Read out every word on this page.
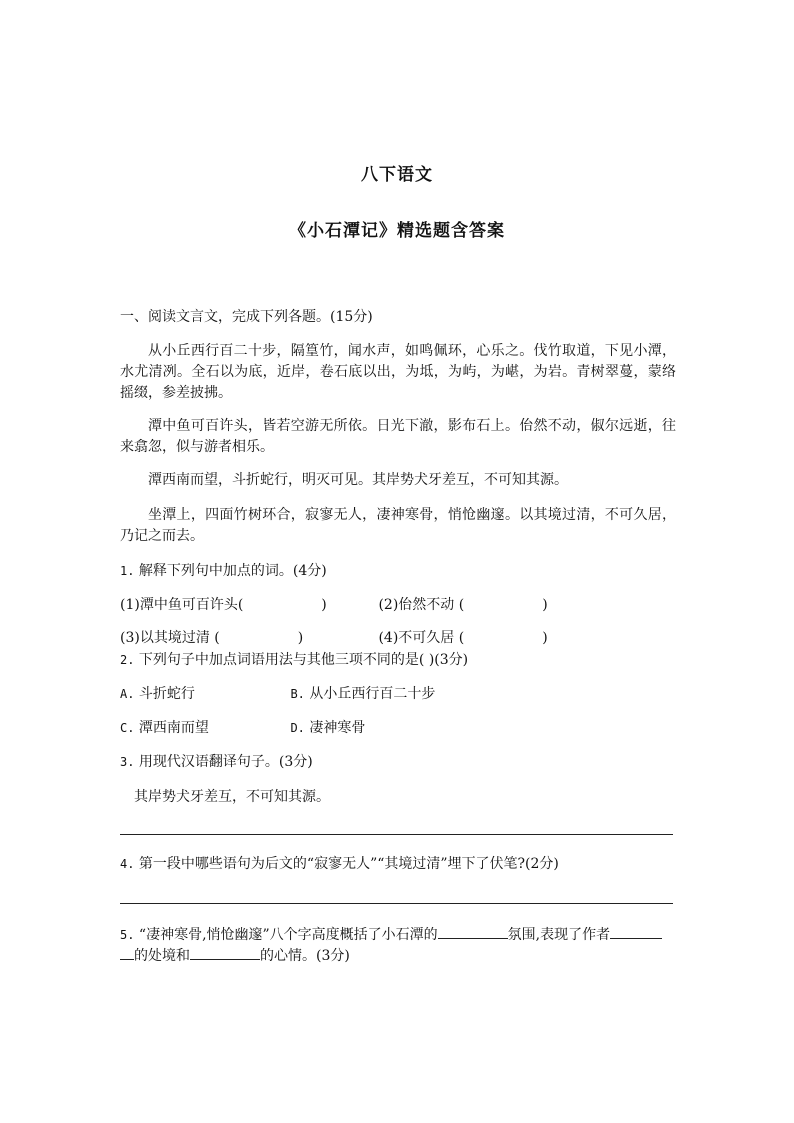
八下语文
《小石潭记》精选题含答案
一、阅读文言文，完成下列各题。(15分)
从小丘西行百二十步，隔篁竹，闻水声，如鸣佩环，心乐之。伐竹取道，下见小潭，水尤清冽。全石以为底，近岸，卷石底以出，为坻，为屿，为嵁，为岩。青树翠蔓，蒙络摇缀，参差披拂。
潭中鱼可百许头，皆若空游无所依。日光下澈，影布石上。佁然不动，俶尔远逝，往来翕忽，似与游者相乐。
潭西南而望，斗折蛇行，明灭可见。其岸势犬牙差互，不可知其源。
坐潭上，四面竹树环合，寂寥无人，凄神寒骨，悄怆幽邃。以其境过清，不可久居，乃记之而去。
1. 解释下列句中加点的词。(4分)
(1)潭中鱼可百许头(	)	(2)佁然不动 (	)
(3)以其境过清 (	)	(4)不可久居 (	)
2. 下列句子中加点词语用法与其他三项不同的是( )(3分)
A. 斗折蛇行	B. 从小丘西行百二十步
C. 潭西南而望	D. 凄神寒骨
3. 用现代汉语翻译句子。(3分)
其岸势犬牙差互，不可知其源。
4. 第一段中哪些语句为后文的“寂寥无人”“其境过清”埋下了伏笔?(2分)
5. “凄神寒骨,悄怆幽邃”八个字高度概括了小石潭的	氛围,表现了作者
的处境和	的心情。(3分)
